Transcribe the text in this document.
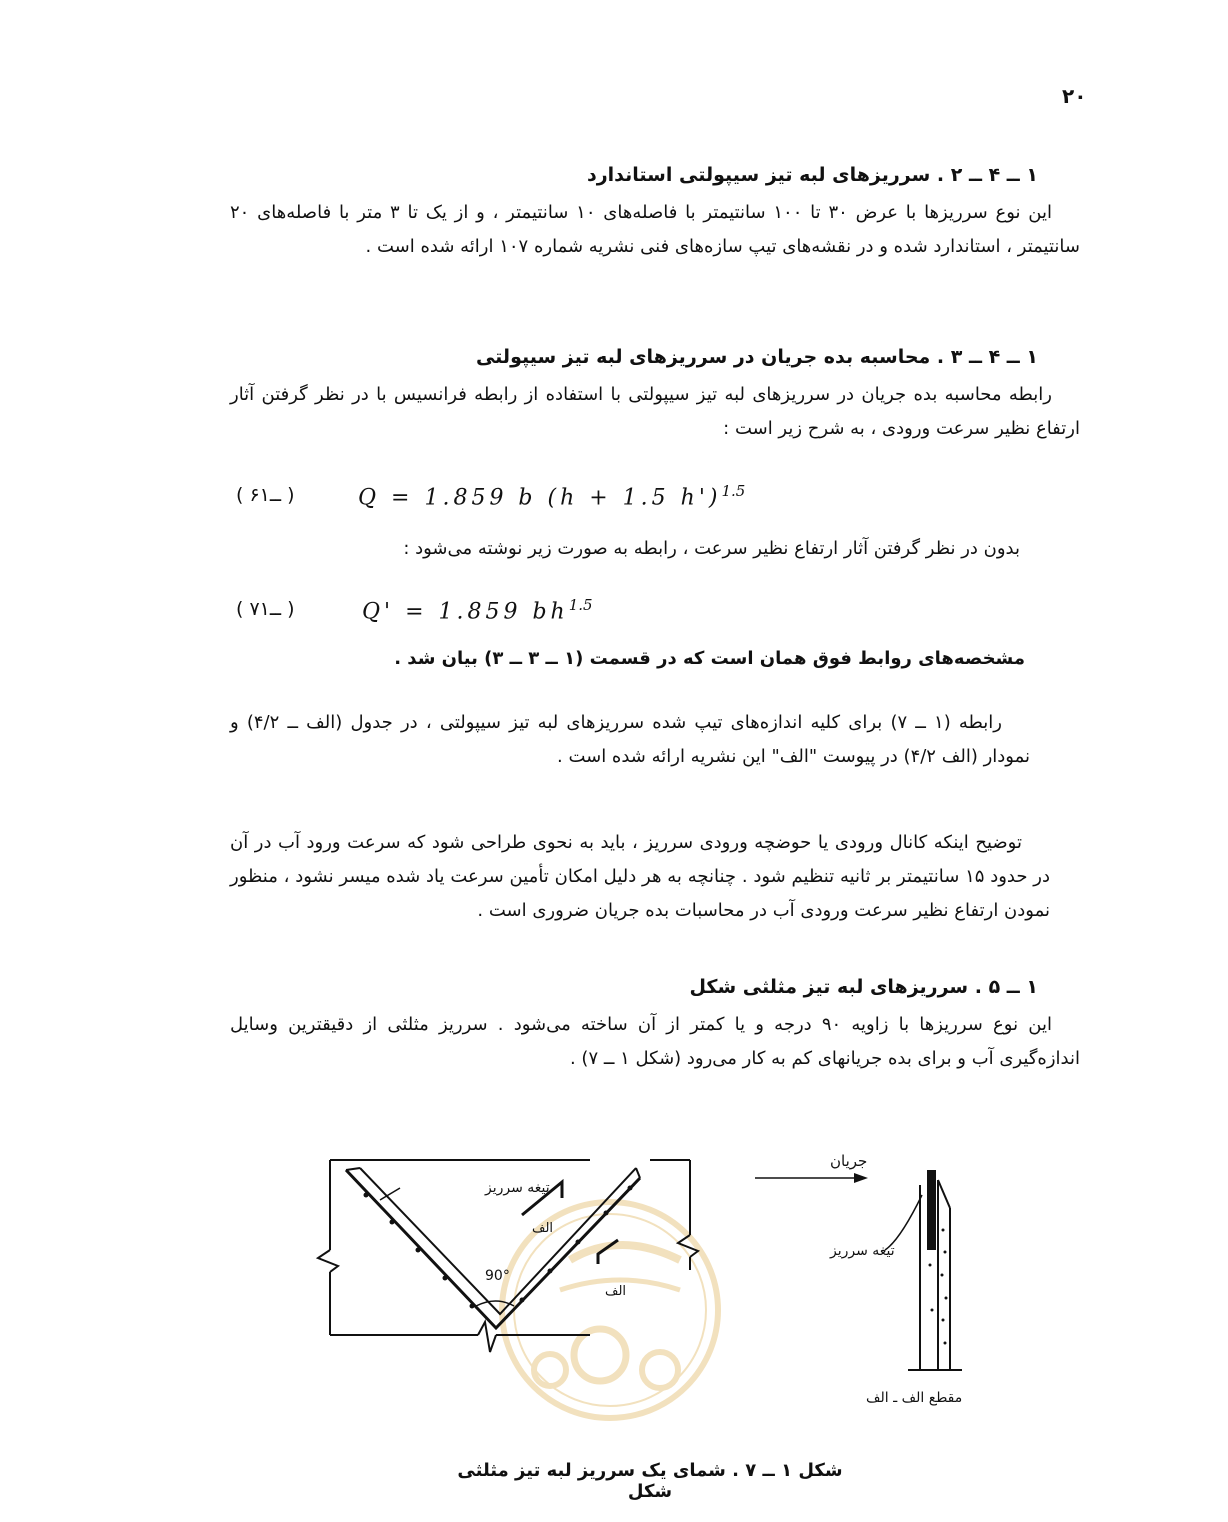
۲۰
۱ ــ ۴ ــ ۲ . سرریزهای لبه تیز سیپولتی استاندارد

این نوع سرریزها با عرض ۳۰ تا ۱۰۰ سانتیمتر با فاصله‌های ۱۰ سانتیمتر ، و از یک تا ۳ متر با فاصله‌های ۲۰ سانتیمتر ، استاندارد شده و در نقشه‌های تیپ سازه‌های فنی نشریه شماره ۱۰۷ ارائه شده است .

۱ ــ ۴ ــ ۳ . محاسبه بده جریان در سرریزهای لبه تیز سیپولتی

رابطه محاسبه بده جریان در سرریزهای لبه تیز سیپولتی با استفاده از رابطه فرانسیس با در نظر گرفتن آثار ارتفاع نظیر سرعت ورودی ، به شرح زیر است :

( ۶ــ۱ )	Q = 1.859 b (h + 1.5 h')$^{1.5}$
بدون در نظر گرفتن آثار ارتفاع نظیر سرعت ، رابطه به صورت زیر نوشته می‌شود :
( ۷ــ۱ )	Q' = 1.859 $bh^{1.5}$
مشخصه‌های روابط فوق همان است که در قسمت (۱ ــ ۳ ــ ۳) بیان شد .

رابطه (۱ ــ ۷) برای کلیه اندازه‌های تیپ شده سرریزهای لبه تیز سیپولتی ، در جدول (الف ــ ۴/۲) و نمودار (الف ۴/۲) در پیوست "الف" این نشریه ارائه شده است .

توضیح اینکه کانال ورودی یا حوضچه ورودی سرریز ، باید به نحوی طراحی شود که سرعت ورود آب در آن در حدود ۱۵ سانتیمتر بر ثانیه تنظیم شود . چنانچه به هر دلیل امکان تأمین سرعت یاد شده میسر نشود ، منظور نمودن ارتفاع نظیر سرعت ورودی آب در محاسبات بده جریان ضروری است .

۱ ــ ۵ . سرریزهای لبه تیز مثلثی شکل

این نوع سرریزها با زاویه ۹۰ درجه و یا کمتر از آن ساخته می‌شود . سرریز مثلثی از دقیقترین وسایل اندازه‌گیری آب و برای بده جریانهای کم به کار می‌رود (شکل ۱ ــ ۷) .

90°
تیغه سرریز
الف
الف
جریان
تیغه سرریز
مقطع الف ـ الف
شکل ۱ ــ ۷ . شمای یک سرریز لبه تیز مثلثی شکل
